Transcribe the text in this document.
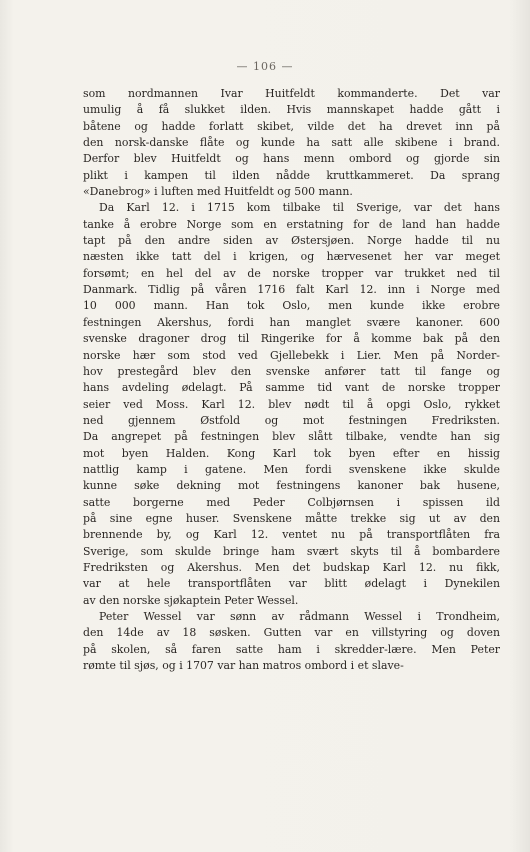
— 106 —
som nordmannen Ivar Huitfeldt kommanderte. Det var
umulig å få slukket ilden. Hvis mannskapet hadde gått i
båtene og hadde forlatt skibet, vilde det ha drevet inn på
den norsk-danske flåte og kunde ha satt alle skibene i brand.
Derfor blev Huitfeldt og hans menn ombord og gjorde sin
plikt i kampen til ilden nådde kruttkammeret. Da sprang
«Danebrog» i luften med Huitfeldt og 500 mann.
Da Karl 12. i 1715 kom tilbake til Sverige, var det hans
tanke å erobre Norge som en erstatning for de land han hadde
tapt på den andre siden av Østersjøen. Norge hadde til nu
næsten ikke tatt del i krigen, og hærvesenet her var meget
forsømt; en hel del av de norske tropper var trukket ned til
Danmark. Tidlig på våren 1716 falt Karl 12. inn i Norge med
10 000 mann. Han tok Oslo, men kunde ikke erobre
festningen Akershus, fordi han manglet svære kanoner. 600
svenske dragoner drog til Ringerike for å komme bak på den
norske hær som stod ved Gjellebekk i Lier. Men på Norder-
hov prestegård blev den svenske anfører tatt til fange og
hans avdeling ødelagt. På samme tid vant de norske tropper
seier ved Moss. Karl 12. blev nødt til å opgi Oslo, rykket
ned gjennem Østfold og mot festningen Fredriksten.
Da angrepet på festningen blev slått tilbake, vendte han sig
mot byen Halden. Kong Karl tok byen efter en hissig
nattlig kamp i gatene. Men fordi svenskene ikke skulde
kunne søke dekning mot festningens kanoner bak husene,
satte borgerne med Peder Colbjørnsen i spissen ild
på sine egne huser. Svenskene måtte trekke sig ut av den
brennende by, og Karl 12. ventet nu på transportflåten fra
Sverige, som skulde bringe ham svært skyts til å bombardere
Fredriksten og Akershus. Men det budskap Karl 12. nu fikk,
var at hele transportflåten var blitt ødelagt i Dynekilen
av den norske sjøkaptein Peter Wessel.
Peter Wessel var sønn av rådmann Wessel i Trondheim,
den 14de av 18 søsken. Gutten var en villstyring og doven
på skolen, så faren satte ham i skredder-lære. Men Peter
rømte til sjøs, og i 1707 var han matros ombord i et slave-
